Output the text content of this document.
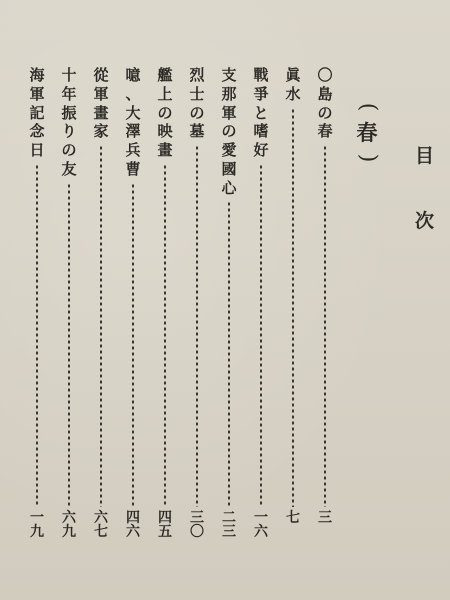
目
次
(
春
)
〇
島
の
春
三
眞
水
七
戰
爭
と
嗜
好
一六
支
那
軍
の
愛
國
心
二三
烈
士
の
墓
三〇
艦
上
の
映
畫
四五
噫
、
大
澤
兵
曹
四六
從
軍
畫
家
六七
十
年
振
り
の
友
六九
海
軍
記
念
日
一九
